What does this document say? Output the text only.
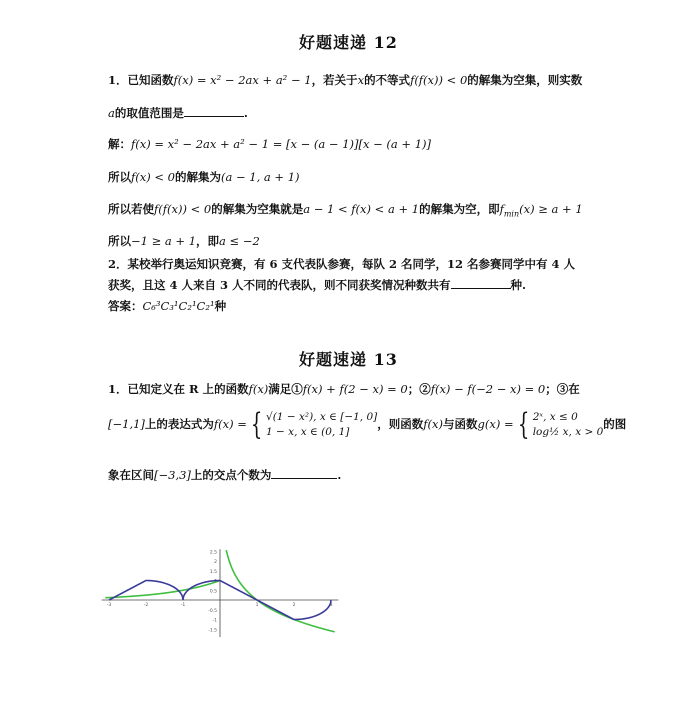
好题速递 12
1．已知函数f(x) = x² − 2ax + a² − 1，若关于x的不等式f(f(x)) < 0的解集为空集，则实数
a的取值范围是	.
解：f(x) = x² − 2ax + a² − 1 = [x − (a − 1)][x − (a + 1)]
所以f(x) < 0的解集为(a − 1, a + 1)
所以若使f(f(x)) < 0的解集为空集就是a − 1 < f(x) < a + 1的解集为空，即$f_{min}(x) \ge a + 1$
所以−1 ≥ a + 1，即a ≤ −2
2．某校举行奥运知识竞赛，有 6 支代表队参赛，每队 2 名同学，12 名参赛同学中有 4 人
获奖，且这 4 人来自 3 人不同的代表队，则不同获奖情况种数共有	种.
答案：C₆³C₃¹C₂¹C₂¹种
好题速递 13
1．已知定义在 R 上的函数f(x)满足①f(x) + f(2 − x) = 0；②f(x) − f(−2 − x) = 0；③在
[−1,1]上的表达式为f(x) = { √(1 − x²), x ∈ [−1, 0]
1 − x, x ∈ (0, 1]
，则函数f(x)与函数g(x) = { 2ˣ, x ≤ 0
log½ x, x > 0
的图
象在区间[−3,3]上的交点个数为	.
2.5
2
1.5
1
0.5
-0.5
-1
-1.5
-3	-2	-1	1	2	3
